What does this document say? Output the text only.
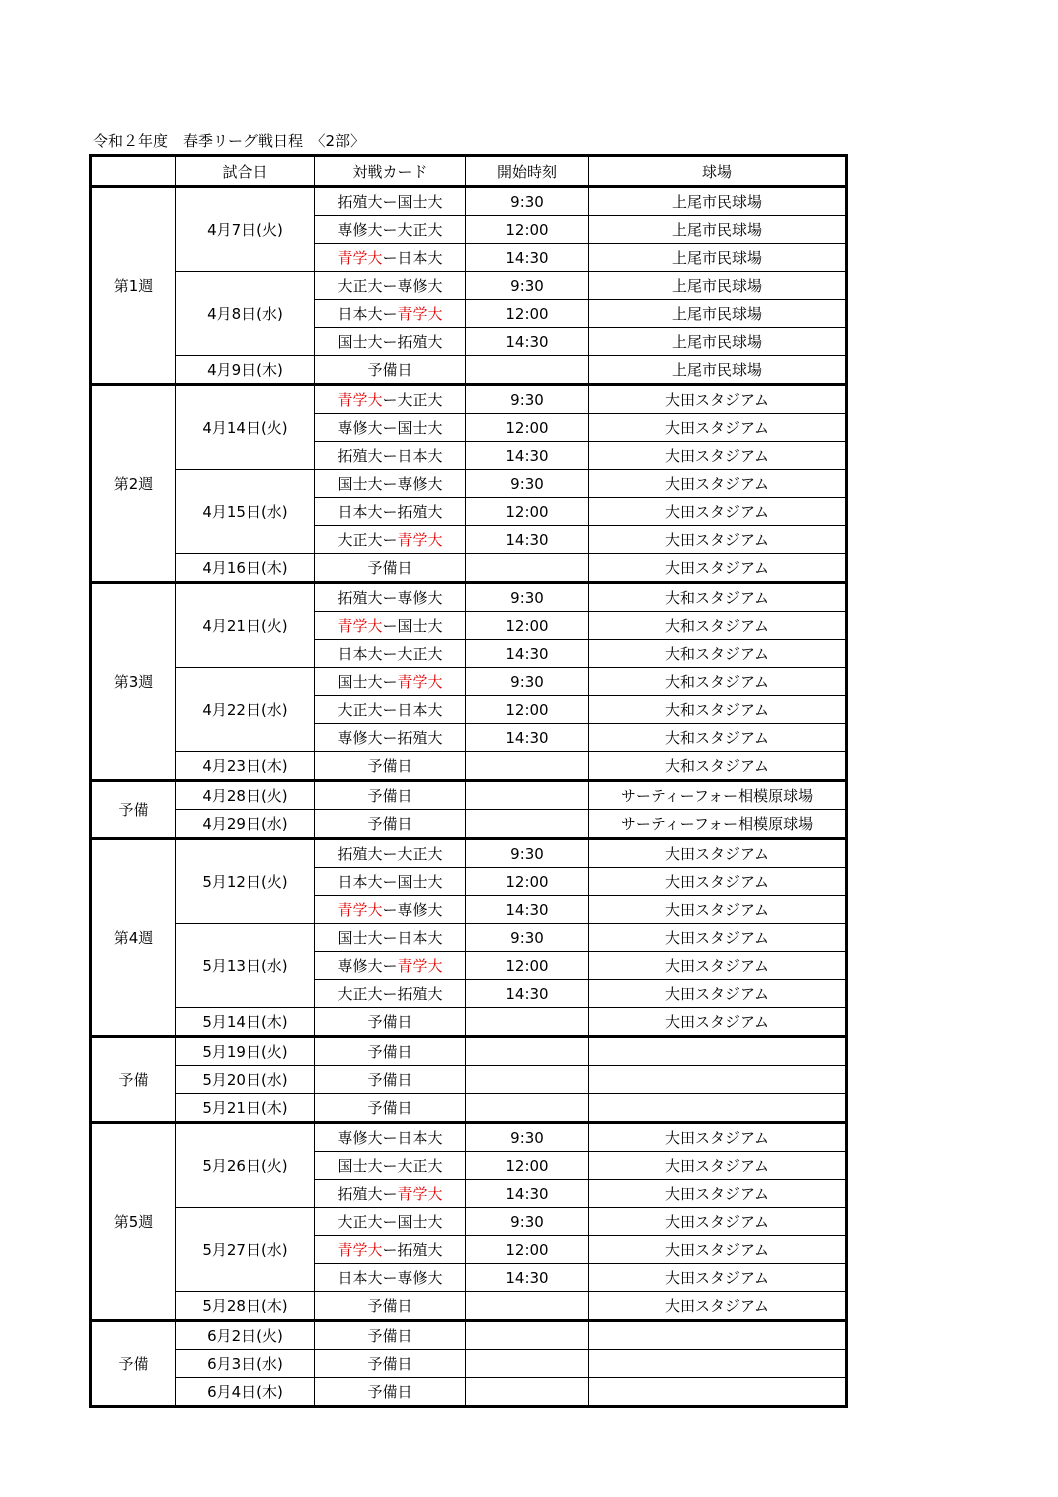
令和２年度　春季リーグ戦日程　〈2部〉
	試合日	対戦カード	開始時刻	球場
第1週	4月7日(火)	拓殖大ー国士大	9:30	上尾市民球場
		専修大ー大正大	12:00	上尾市民球場
		青学大ー日本大	14:30	上尾市民球場
	4月8日(水)	大正大ー専修大	9:30	上尾市民球場
		日本大ー青学大	12:00	上尾市民球場
		国士大ー拓殖大	14:30	上尾市民球場
	4月9日(木)	予備日		上尾市民球場
第2週	4月14日(火)	青学大ー大正大	9:30	大田スタジアム
		専修大ー国士大	12:00	大田スタジアム
		拓殖大ー日本大	14:30	大田スタジアム
	4月15日(水)	国士大ー専修大	9:30	大田スタジアム
		日本大ー拓殖大	12:00	大田スタジアム
		大正大ー青学大	14:30	大田スタジアム
	4月16日(木)	予備日		大田スタジアム
第3週	4月21日(火)	拓殖大ー専修大	9:30	大和スタジアム
		青学大ー国士大	12:00	大和スタジアム
		日本大ー大正大	14:30	大和スタジアム
	4月22日(水)	国士大ー青学大	9:30	大和スタジアム
		大正大ー日本大	12:00	大和スタジアム
		専修大ー拓殖大	14:30	大和スタジアム
	4月23日(木)	予備日		大和スタジアム
予備	4月28日(火)	予備日		サーティーフォー相模原球場
	4月29日(水)	予備日		サーティーフォー相模原球場
第4週	5月12日(火)	拓殖大ー大正大	9:30	大田スタジアム
		日本大ー国士大	12:00	大田スタジアム
		青学大ー専修大	14:30	大田スタジアム
	5月13日(水)	国士大ー日本大	9:30	大田スタジアム
		専修大ー青学大	12:00	大田スタジアム
		大正大ー拓殖大	14:30	大田スタジアム
	5月14日(木)	予備日		大田スタジアム
予備	5月19日(火)	予備日		
	5月20日(水)	予備日		
	5月21日(木)	予備日		
第5週	5月26日(火)	専修大ー日本大	9:30	大田スタジアム
		国士大ー大正大	12:00	大田スタジアム
		拓殖大ー青学大	14:30	大田スタジアム
	5月27日(水)	大正大ー国士大	9:30	大田スタジアム
		青学大ー拓殖大	12:00	大田スタジアム
		日本大ー専修大	14:30	大田スタジアム
	5月28日(木)	予備日		大田スタジアム
予備	6月2日(火)	予備日		
	6月3日(水)	予備日		
	6月4日(木)	予備日		
